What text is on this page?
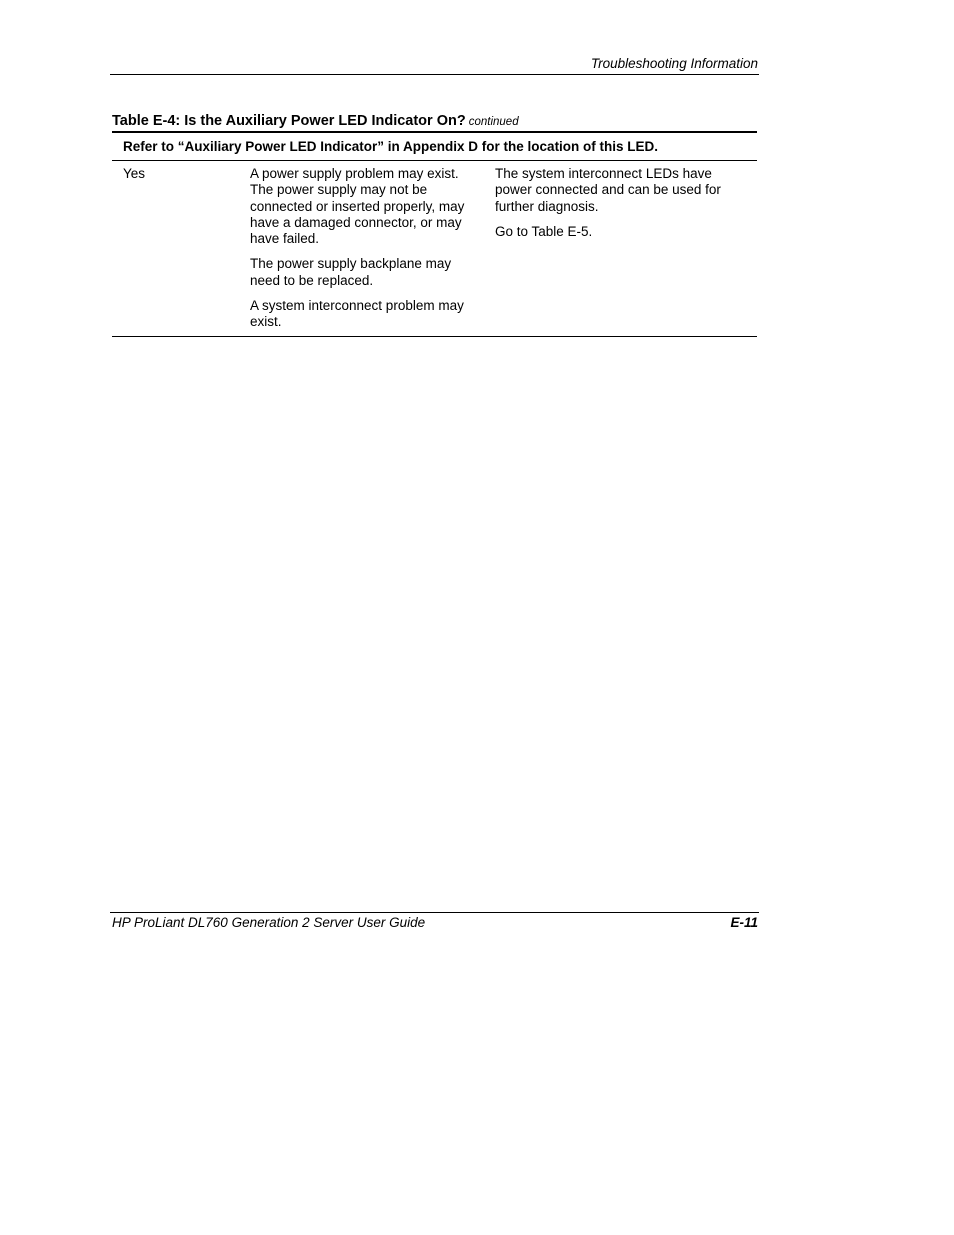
Troubleshooting Information
Table E-4: Is the Auxiliary Power LED Indicator On? continued
Refer to “Auxiliary Power LED Indicator” in Appendix D for the location of this LED.

Yes	A power supply problem may exist. The power supply may not be connected or inserted properly, may have a damaged connector, or may have failed.

The power supply backplane may need to be replaced.

A system interconnect problem may exist.

The system interconnect LEDs have power connected and can be used for further diagnosis.

Go to Table E-5.

HP ProLiant DL760 Generation 2 Server User Guide	E-11
